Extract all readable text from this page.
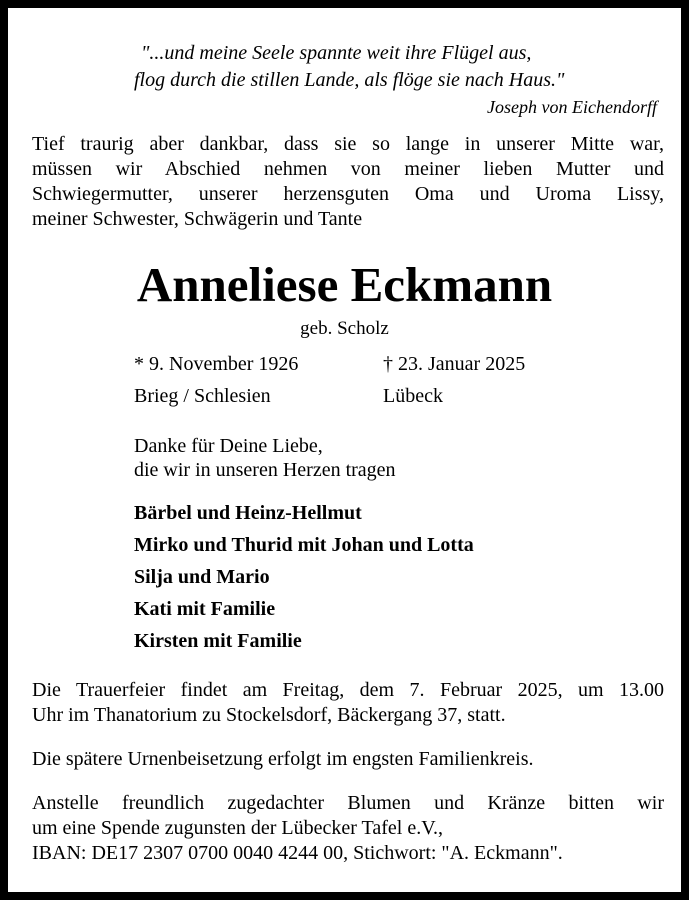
"...und meine Seele spannte weit ihre Flügel aus,
flog durch die stillen Lande, als flöge sie nach Haus."
Joseph von Eichendorff
Tief traurig aber dankbar, dass sie so lange in unserer Mitte war,
müssen wir Abschied nehmen von meiner lieben Mutter und
Schwiegermutter, unserer herzensguten Oma und Uroma Lissy,
meiner Schwester, Schwägerin und Tante
Anneliese Eckmann
geb. Scholz
* 9. November 1926
Brieg / Schlesien
† 23. Januar 2025
Lübeck
Danke für Deine Liebe,
die wir in unseren Herzen tragen
Bärbel und Heinz-Hellmut
Mirko und Thurid mit Johan und Lotta
Silja und Mario
Kati mit Familie
Kirsten mit Familie
Die Trauerfeier findet am Freitag, dem 7. Februar 2025, um 13.00
Uhr im Thanatorium zu Stockelsdorf, Bäckergang 37, statt.
Die spätere Urnenbeisetzung erfolgt im engsten Familienkreis.
Anstelle freundlich zugedachter Blumen und Kränze bitten wir
um eine Spende zugunsten der Lübecker Tafel e.V.,
IBAN: DE17 2307 0700 0040 4244 00, Stichwort: "A. Eckmann".
